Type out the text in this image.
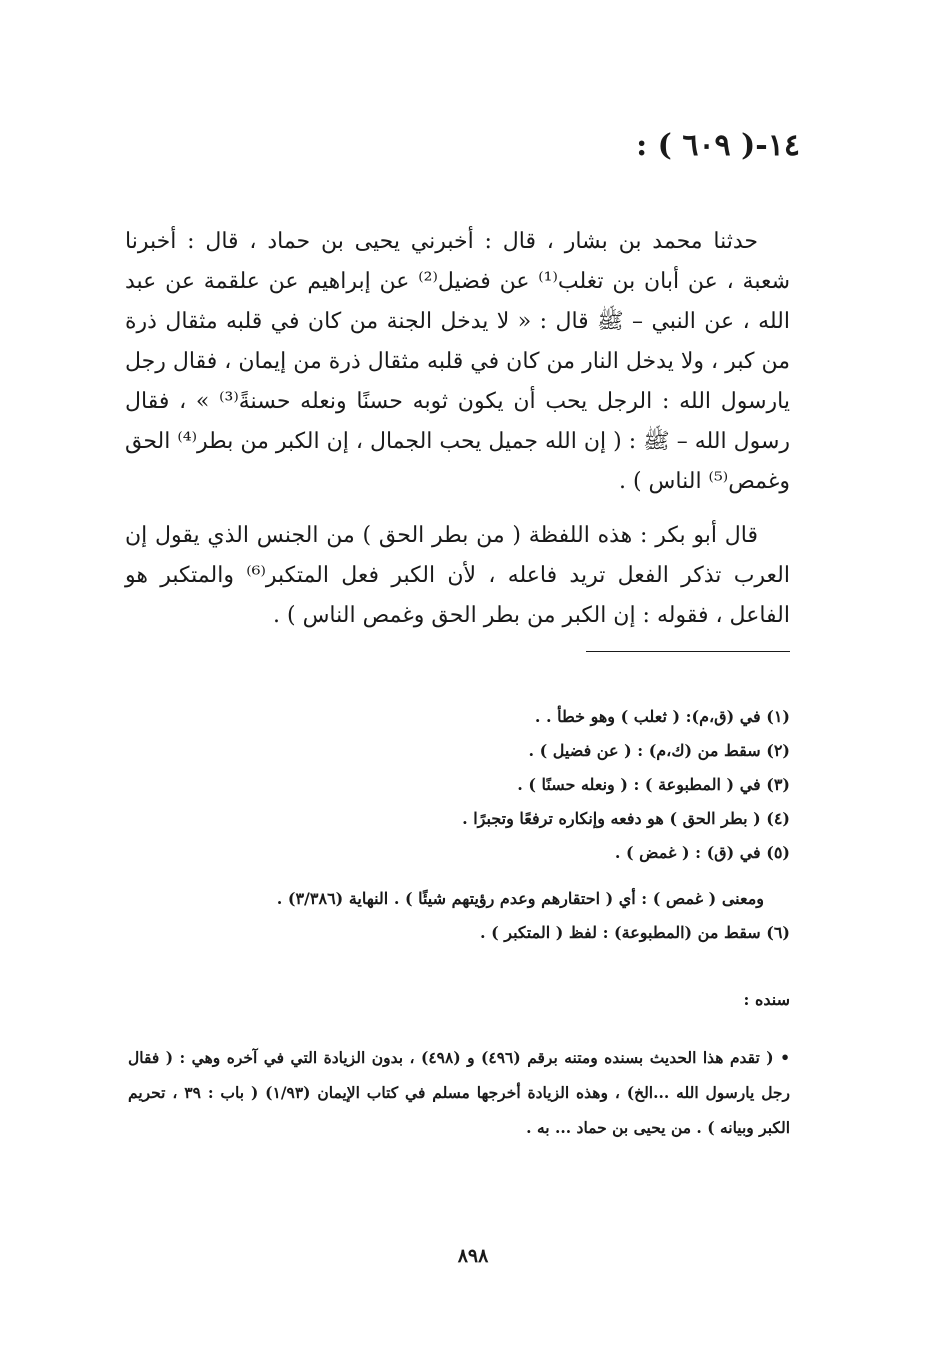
١٤-( ٦٠٩ ) :

حدثنا محمد بن بشار ، قال : أخبرني يحيى بن حماد ، قال : أخبرنا شعبة ، عن أبان بن تغلب⁽¹⁾ عن فضيل⁽²⁾ عن إبراهيم عن علقمة عن عبد الله ، عن النبي – ﷺ قال : « لا يدخل الجنة من كان في قلبه مثقال ذرة من كبر ، ولا يدخل النار من كان في قلبه مثقال ذرة من إيمان ، فقال رجل يارسول الله : الرجل يحب أن يكون ثوبه حسنًا ونعله حسنةً⁽³⁾ » ، فقال رسول الله – ﷺ : ( إن الله جميل يحب الجمال ، إن الكبر من بطر⁽⁴⁾ الحق وغمص⁽⁵⁾ الناس ) .

قال أبو بكر : هذه اللفظة ( من بطر الحق ) من الجنس الذي يقول إن العرب تذكر الفعل تريد فاعله ، لأن الكبر فعل المتكبر⁽⁶⁾ والمتكبر هو الفاعل ، فقوله : إن الكبر من بطر الحق وغمص الناس ) .

(١) في (ق،م): ( ثعلب ) وهو خطأ . .
(٢) سقط من (ك،م) : ( عن فضيل ) .
(٣) في ( المطبوعة ) : ( ونعله حسنًا ) .
(٤) ( بطر الحق ) هو دفعه وإنكاره ترفعًا وتجبرًا .
(٥) في (ق) : ( غمض ) .
ومعنى ( غمص ) : أي ( احتقارهم وعدم رؤيتهم شيئًا ) . النهاية (٣/٣٨٦) .
(٦) سقط من (المطبوعة) : لفظ ( المتكبر ) .
سنده :

• ( تقدم هذا الحديث بسنده ومتنه برقم (٤٩٦) و (٤٩٨) ، بدون الزيادة التي في آخره وهي : ( فقال رجل يارسول الله ...الخ) ، وهذه الزيادة أخرجها مسلم في كتاب الإيمان (١/٩٣) ( باب : ٣٩ ، تحريم الكبر وبيانه ) . من يحيى بن حماد ... به .

٨٩٨
